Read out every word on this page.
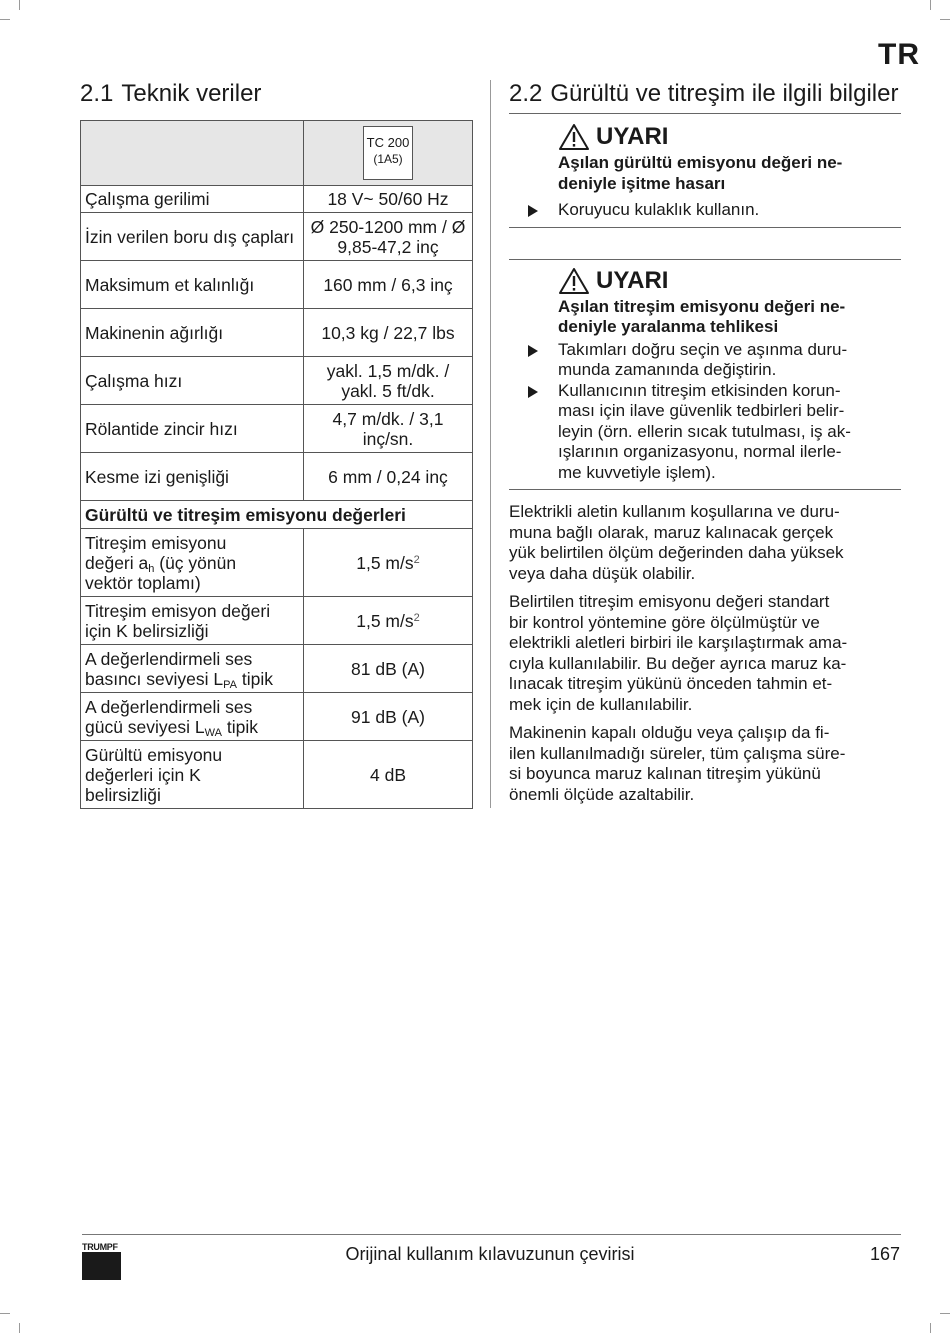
TR
2.1 Teknik veriler
	TC 200
(1A5)

Çalışma gerilimi	18 V~ 50/60 Hz
İzin verilen boru dış çapları	Ø 250-1200 mm / Ø 9,85-47,2 inç
Maksimum et kalınlığı	160 mm / 6,3 inç
Makinenin ağırlığı	10,3 kg / 22,7 lbs
Çalışma hızı	yakl. 1,5 m/dk. / yakl. 5 ft/dk.
Rölantide zincir hızı	4,7 m/dk. / 3,1 inç/sn.
Kesme izi genişliği	6 mm / 0,24 inç
Gürültü ve titreşim emisyonu değerleri	
Titreşim emisyonu
değeri $a_h$ (üç yönün
vektör toplamı)	1,5 $m/s^2$
Titreşim emisyon değeri
için K belirsizliği	1,5 $m/s^2$
A değerlendirmeli ses
basıncı seviyesi $L_{PA}$ tipik	81 dB (A)
A değerlendirmeli ses
gücü seviyesi $L_{WA}$ tipik	91 dB (A)
Gürültü emisyonu
değerleri için K
belirsizliği	4 dB
2.2 Gürültü ve titreşim ile ilgili bilgiler
UYARI
Aşılan gürültü emisyonu değeri ne-
deniyle işitme hasarı
Koruyucu kulaklık kullanın.
UYARI
Aşılan titreşim emisyonu değeri ne-
deniyle yaralanma tehlikesi
Takımları doğru seçin ve aşınma duru-
munda zamanında değiştirin.
Kullanıcının titreşim etkisinden korun-
ması için ilave güvenlik tedbirleri belir-
leyin (örn. ellerin sıcak tutulması, iş ak-
ışlarının organizasyonu, normal ilerle-
me kuvvetiyle işlem).

Elektrikli aletin kullanım koşullarına ve duru-
muna bağlı olarak, maruz kalınacak gerçek
yük belirtilen ölçüm değerinden daha yüksek
veya daha düşük olabilir.

Belirtilen titreşim emisyonu değeri standart
bir kontrol yöntemine göre ölçülmüştür ve
elektrikli aletleri birbiri ile karşılaştırmak ama-
cıyla kullanılabilir. Bu değer ayrıca maruz ka-
lınacak titreşim yükünü önceden tahmin et-
mek için de kullanılabilir.

Makinenin kapalı olduğu veya çalışıp da fi-
ilen kullanılmadığı süreler, tüm çalışma süre-
si boyunca maruz kalınan titreşim yükünü
önemli ölçüde azaltabilir.

TRUMPF	Orijinal kullanım kılavuzunun çevirisi	167
